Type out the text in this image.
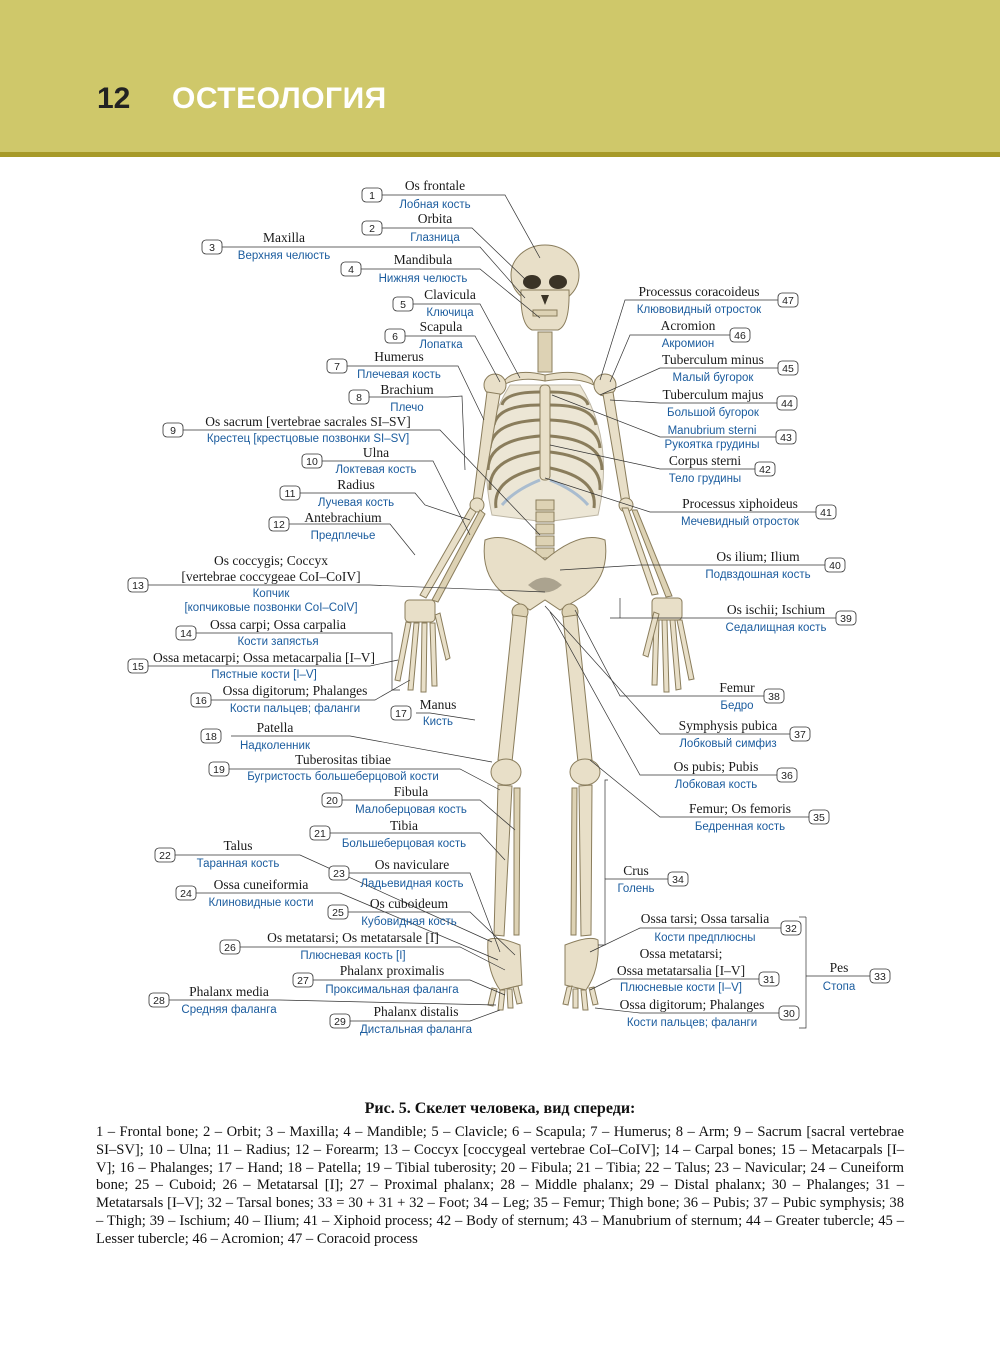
12 ОСТЕОЛОГИЯ
1
Os frontale
Лобная кость
2
Orbita
Глазница
3
Maxilla
Верхняя челюсть
4
Mandibula
Нижняя челюсть
5
Clavicula
Ключица
6
Scapula
Лопатка
7
Humerus
Плечевая кость
8
Brachium
Плечо
9
Os sacrum [vertebrae sacrales SI–SV]
Крестец [крестцовые позвонки SI–SV]
10
Ulna
Локтевая кость
11
Radius
Лучевая кость
12 Antebrachium
Предплечье
13
Os coccygis; Coccyx
[vertebrae coccygeae CoI–CoIV]
Копчик
[копчиковые позвонки CoI–CoIV]
14
Ossa carpi; Ossa carpalia
Кости запястья
15
Ossa metacarpi; Ossa metacarpalia [I–V]
Пястные кости [I–V]
16
Ossa digitorum; Phalanges
Кости пальцев; фаланги	17
Manus
Кисть
18
Patella
Надколенник
19
Tuberositas tibiae
Бугристость большеберцовой кости
20
Fibula
Малоберцовая кость
21
Tibia
Большеберцовая кость
22
Talus
Таранная кость
23
Os naviculare
Ладьевидная кость
24
Ossa cuneiformia
Клиновидные кости
25
Os cuboideum
Кубовидная кость
26
Os metatarsi; Os metatarsale [I]
Плюсневая кость [I]
27
Phalanx proximalis
Проксимальная фаланга
28
Phalanx media
Средняя фаланга
29
Phalanx distalis
Дистальная фаланга
30
Ossa digitorum; Phalanges
Кости пальцев; фаланги
31
Ossa metatarsi;
Ossa metatarsalia [I–V]
Плюсневые кости [I–V]
32
Ossa tarsi; Ossa tarsalia
Кости предплюсны
33
Pes
Стопа
34
Crus
Голень
35
Femur; Os femoris
Бедренная кость
36
Os pubis; Pubis
Лобковая кость
37
Symphysis pubica
Лобковый симфиз
38
Femur
Бедро
39
Os ischii; Ischium
Седалищная кость
40
Os ilium; Ilium
Подвздошная кость
41
Processus xiphoideus
Мечевидный отросток
42
Corpus sterni
Тело грудины
43
Manubrium sterni
Рукоятка грудины
44
Tuberculum majus
Большой бугорок
45
Tuberculum minus
Малый бугорок
46
Acromion
Акромион
47
Processus coracoideus
Клювовидный отросток
Рис. 5. Скелет человека, вид спереди:
1 – Frontal bone; 2 – Orbit; 3 – Maxilla; 4 – Mandible; 5 – Clavicle; 6 – Scapula; 7 – Humerus; 8 – Arm; 9 – Sacrum [sacral vertebrae SI–SV]; 10 – Ulna; 11 – Radius; 12 – Forearm; 13 – Coccyx [coccygeal vertebrae CoI–CoIV]; 14 – Carpal bones; 15 – Metacarpals [I–V]; 16 – Phalanges; 17 – Hand; 18 – Patella; 19 – Tibial tuberosity; 20 – Fibula; 21 – Tibia; 22 – Talus; 23 – Navicular; 24 – Cuneiform bone; 25 – Cuboid; 26 – Metatarsal [I]; 27 – Proximal phalanx; 28 – Middle phalanx; 29 – Distal phalanx; 30 – Phalanges; 31 – Metatarsals [I–V]; 32 – Tarsal bones; 33 = 30 + 31 + 32 – Foot; 34 – Leg; 35 – Femur; Thigh bone; 36 – Pubis; 37 – Pubic symphysis; 38 – Thigh; 39 – Ischium; 40 – Ilium; 41 – Xiphoid process; 42 – Body of sternum; 43 – Manubrium of sternum; 44 – Greater tubercle; 45 – Lesser tubercle; 46 – Acromion; 47 – Coracoid process
